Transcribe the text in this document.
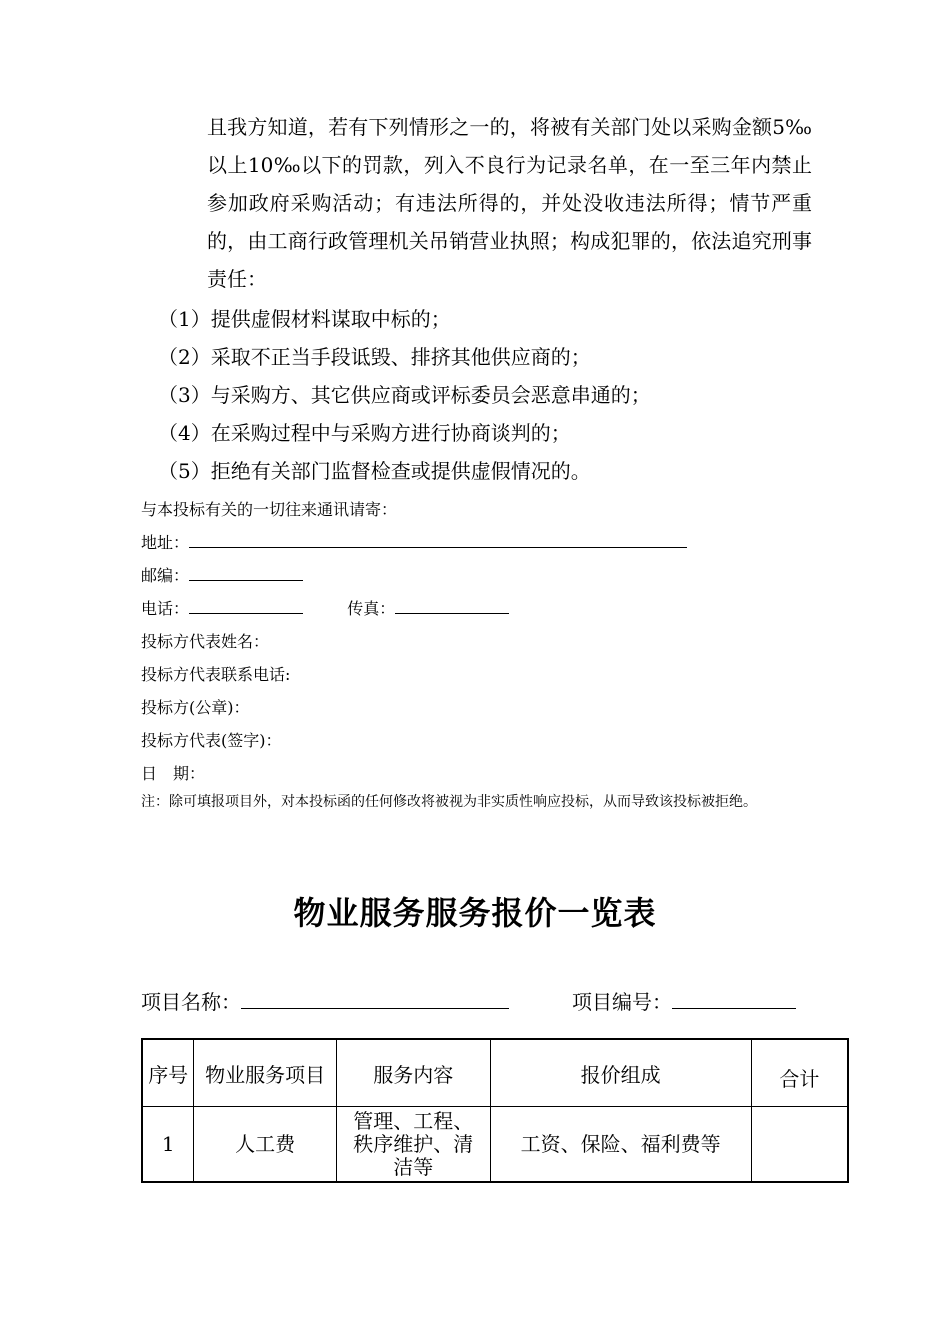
且我方知道，若有下列情形之一的，将被有关部门处以采购金额5‰以上10‰以下的罚款，列入不良行为记录名单，在一至三年内禁止参加政府采购活动；有违法所得的，并处没收违法所得；情节严重的，由工商行政管理机关吊销营业执照；构成犯罪的，依法追究刑事责任：

（1）提供虚假材料谋取中标的；
（2）采取不正当手段诋毁、排挤其他供应商的；
（3）与采购方、其它供应商或评标委员会恶意串通的；
（4）在采购过程中与采购方进行协商谈判的；
（5）拒绝有关部门监督检查或提供虚假情况的。
与本投标有关的一切往来通讯请寄：
地址：
邮编：
电话：	传真：
投标方代表姓名：
投标方代表联系电话:
投标方(公章)：
投标方代表(签字)：
日　期：

注：除可填报项目外，对本投标函的任何修改将被视为非实质性响应投标，从而导致该投标被拒绝。

物业服务服务报价一览表
项目名称：	项目编号：
序号	物业服务项目	服务内容	报价组成	合计
1	人工费	管理、工程、秩序维护、清洁等	工资、保险、福利费等	
